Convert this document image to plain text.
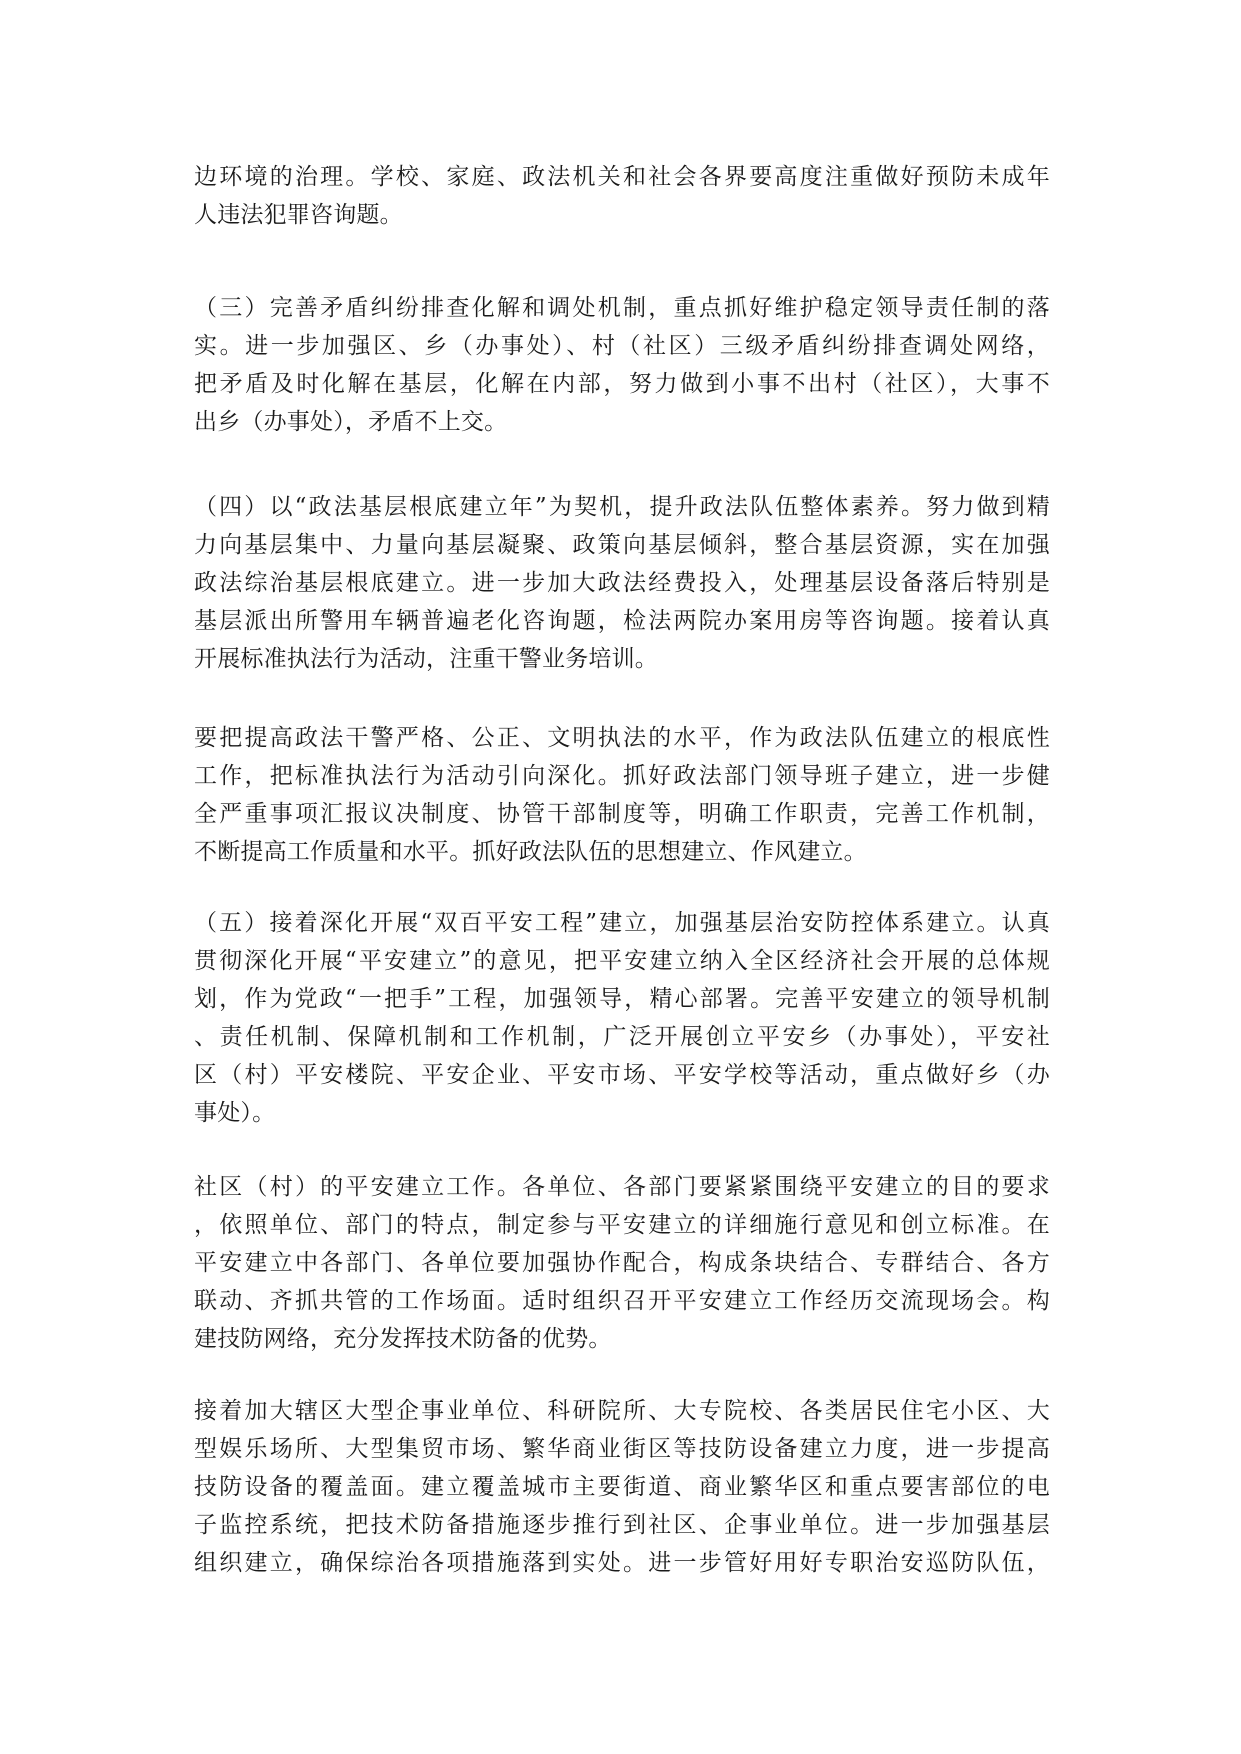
边环境的治理。学校、家庭、政法机关和社会各界要高度注重做好预防未成年
人违法犯罪咨询题。
（三）完善矛盾纠纷排查化解和调处机制，重点抓好维护稳定领导责任制的落
实。进一步加强区、乡（办事处）、村（社区）三级矛盾纠纷排查调处网络，
把矛盾及时化解在基层，化解在内部，努力做到小事不出村（社区），大事不
出乡（办事处），矛盾不上交。
（四）以“政法基层根底建立年”为契机，提升政法队伍整体素养。努力做到精
力向基层集中、力量向基层凝聚、政策向基层倾斜，整合基层资源，实在加强
政法综治基层根底建立。进一步加大政法经费投入，处理基层设备落后特别是
基层派出所警用车辆普遍老化咨询题，检法两院办案用房等咨询题。接着认真
开展标准执法行为活动，注重干警业务培训。
要把提高政法干警严格、公正、文明执法的水平，作为政法队伍建立的根底性
工作，把标准执法行为活动引向深化。抓好政法部门领导班子建立，进一步健
全严重事项汇报议决制度、协管干部制度等，明确工作职责，完善工作机制，
不断提高工作质量和水平。抓好政法队伍的思想建立、作风建立。
（五）接着深化开展“双百平安工程”建立，加强基层治安防控体系建立。认真
贯彻深化开展“平安建立”的意见，把平安建立纳入全区经济社会开展的总体规
划，作为党政“一把手”工程，加强领导，精心部署。完善平安建立的领导机制
、责任机制、保障机制和工作机制，广泛开展创立平安乡（办事处），平安社
区（村）平安楼院、平安企业、平安市场、平安学校等活动，重点做好乡（办
事处）。
社区（村）的平安建立工作。各单位、各部门要紧紧围绕平安建立的目的要求
，依照单位、部门的特点，制定参与平安建立的详细施行意见和创立标准。在
平安建立中各部门、各单位要加强协作配合，构成条块结合、专群结合、各方
联动、齐抓共管的工作场面。适时组织召开平安建立工作经历交流现场会。构
建技防网络，充分发挥技术防备的优势。
接着加大辖区大型企事业单位、科研院所、大专院校、各类居民住宅小区、大
型娱乐场所、大型集贸市场、繁华商业街区等技防设备建立力度，进一步提高
技防设备的覆盖面。建立覆盖城市主要街道、商业繁华区和重点要害部位的电
子监控系统，把技术防备措施逐步推行到社区、企事业单位。进一步加强基层
组织建立，确保综治各项措施落到实处。进一步管好用好专职治安巡防队伍，
